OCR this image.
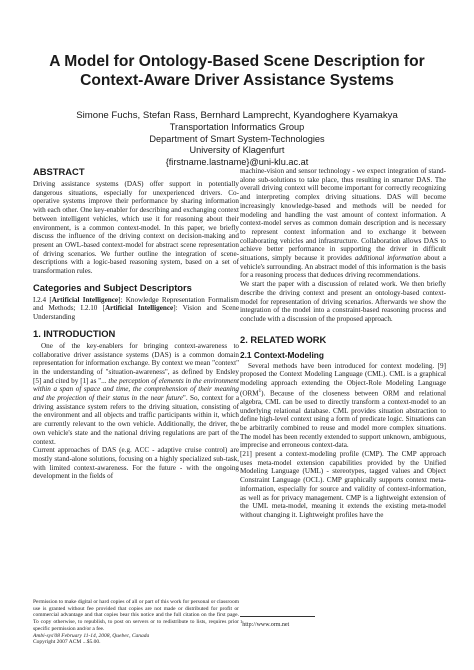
A Model for Ontology-Based Scene Description for
Context-Aware Driver Assistance Systems
Simone Fuchs, Stefan Rass, Bernhard Lamprecht, Kyandoghere Kyamakya
Transportation Informatics Group
Department of Smart System-Technologies
University of Klagenfurt
{firstname.lastname}@uni-klu.ac.at
ABSTRACT

Driving assistance systems (DAS) offer support in potentially dangerous situations, especially for unexperienced drivers. Co-operative systems improve their performance by sharing information with each other. One key-enabler for describing and exchanging context between intelligent vehicles, which use it for reasoning about their environment, is a common context-model. In this paper, we briefly discuss the influence of the driving context on decision-making and present an OWL-based context-model for abstract scene representation of driving scenarios. We further outline the integration of scene-descriptions with a logic-based reasoning system, based on a set of transformation rules.

Categories and Subject Descriptors

I.2.4 [Artificial Intelligence]: Knowledge Representation Formalism and Methods; I.2.10 [Artificial Intelligence]: Vision and Scene Understanding

1. INTRODUCTION

One of the key-enablers for bringing context-awareness to collaborative driver assistance systems (DAS) is a common domain representation for information exchange. By context we mean "context" in the understanding of "situation-awareness", as defined by Endsley [5] and cited by [1] as "... the perception of elements in the environment within a span of space and time, the comprehension of their meaning and the projection of their status in the near future". So, context for a driving assistance system refers to the driving situation, consisting of the environment and all objects and traffic participants within it, which are currently relevant to the own vehicle. Additionally, the driver, the own vehicle's state and the national driving regulations are part of the context.

Current approaches of DAS (e.g. ACC - adaptive cruise control) are mostly stand-alone solutions, focusing on a highly specialized sub-task, with limited context-awareness. For the future - with the ongoing development in the fields of

Permission to make digital or hard copies of all or part of this work for personal or classroom use is granted without fee provided that copies are not made or distributed for profit or commercial advantage and that copies bear this notice and the full citation on the first page. To copy otherwise, to republish, to post on servers or to redistribute to lists, requires prior specific permission and/or a fee.

Ambi-sys'08 February 11-14, 2008, Quebec, Canada

Copyright 2007 ACM ...$5.00.

machine-vision and sensor technology - we expect integration of stand-alone sub-solutions to take place, thus resulting in smarter DAS. The overall driving context will become important for correctly recognizing and interpreting complex driving situations. DAS will become increasingly knowledge-based and methods will be needed for modeling and handling the vast amount of context information. A context-model serves as common domain description and is necessary to represent context information and to exchange it between collaborating vehicles and infrastructure. Collaboration allows DAS to achieve better performance in supporting the driver in difficult situations, simply because it provides additional information about a vehicle's surrounding. An abstract model of this information is the basis for a reasoning process that deduces driving recommendations.

We start the paper with a discussion of related work. We then briefly describe the driving context and present an ontology-based context-model for representation of driving scenarios. Afterwards we show the integration of the model into a constraint-based reasoning process and conclude with a discussion of the proposed approach.

2. RELATED WORK
2.1 Context-Modeling

Several methods have been introduced for context modeling. [9] proposed the Context Modeling Language (CML). CML is a graphical modeling approach extending the Object-Role Modeling Language (ORM$^1$). Because of the closeness between ORM and relational algebra, CML can be used to directly transform a context-model to an underlying relational database. CML provides situation abstraction to define high-level context using a form of predicate logic. Situations can be arbitrarily combined to reuse and model more complex situations. The model has been recently extended to support unknown, ambiguous, imprecise and erroneous context-data.

[21] present a context-modeling profile (CMP). The CMP approach uses meta-model extension capabilities provided by the Unified Modeling Language (UML) - stereotypes, tagged values and Object Constraint Language (OCL). CMP graphically supports context meta-information, especially for source and validity of context-information, as well as for privacy management. CMP is a lightweight extension of the UML meta-model, meaning it extends the existing meta-model without changing it. Lightweight profiles have the

$^1$http://www.orm.net
